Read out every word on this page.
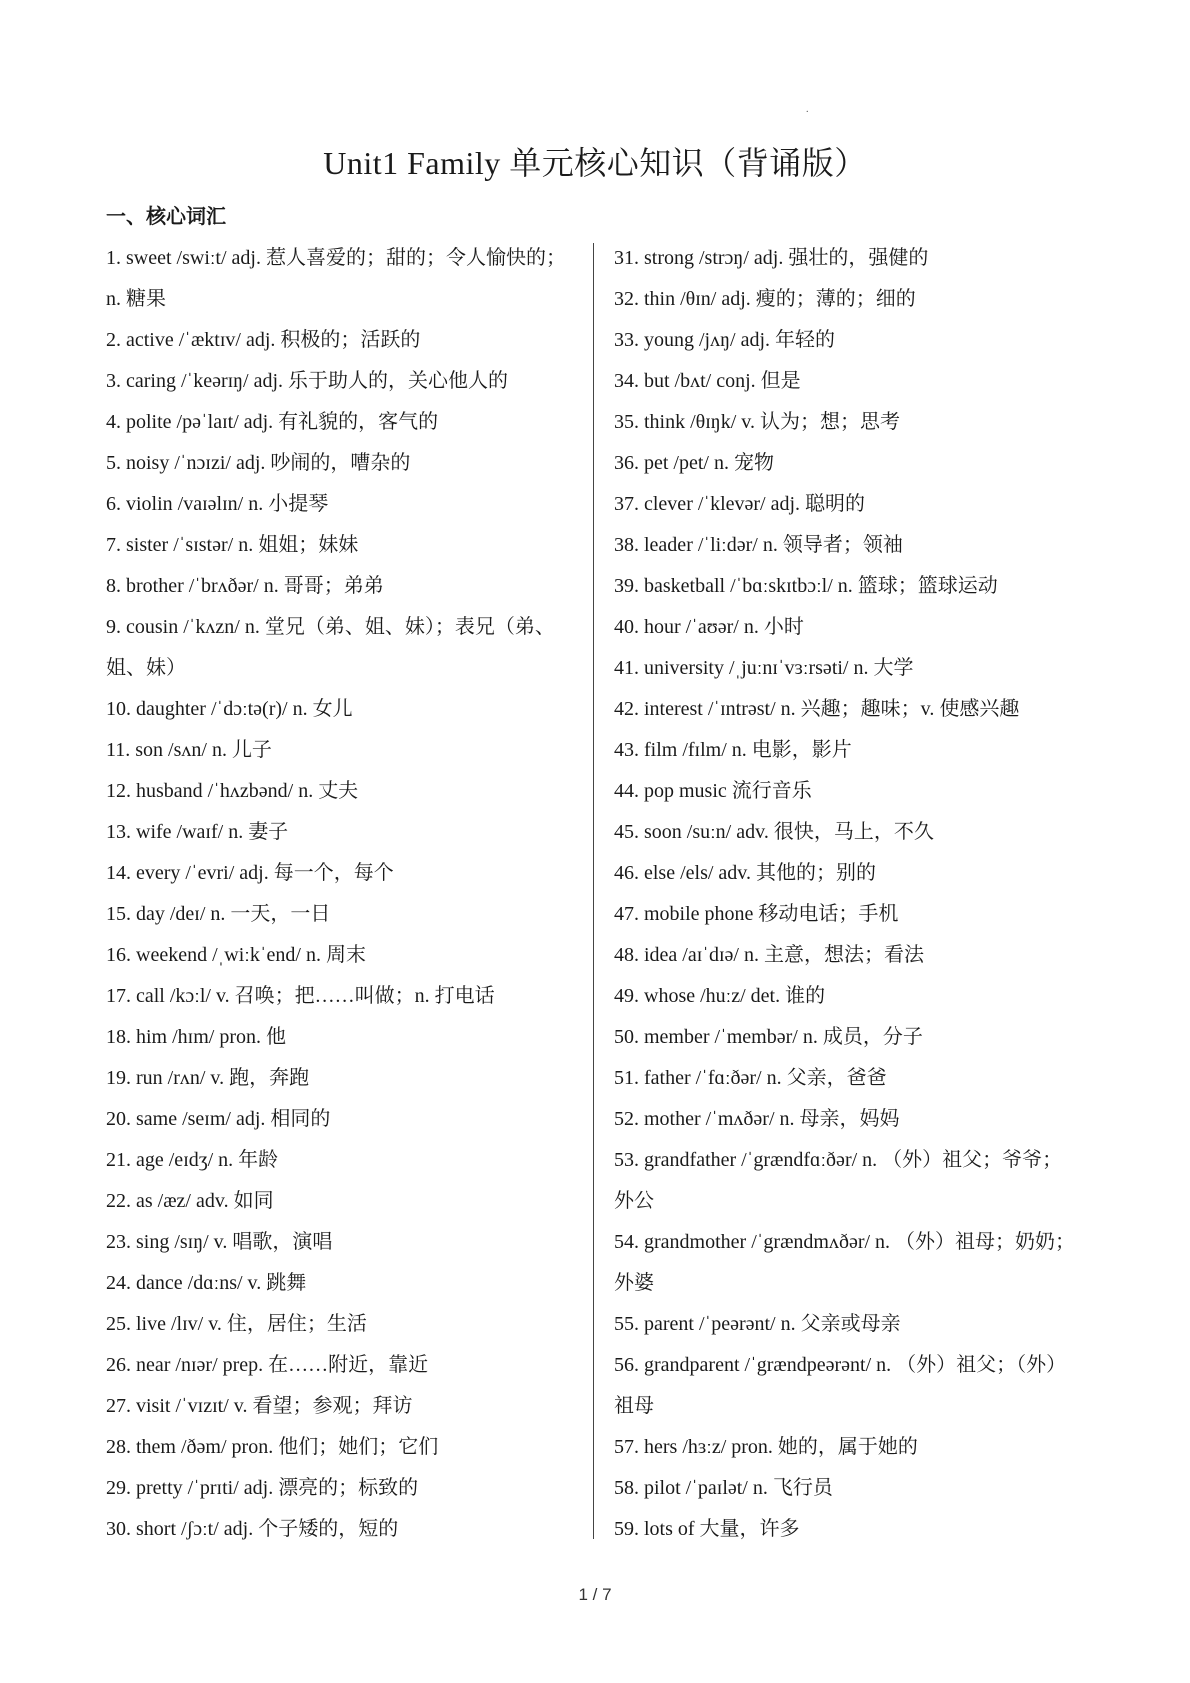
.
Unit1 Family 单元核心知识（背诵版）
一、核心词汇
1. sweet /swiːt/ adj. 惹人喜爱的；甜的；令人愉快的；
n. 糖果
2. active /ˈæktɪv/ adj. 积极的；活跃的
3. caring /ˈkeərɪŋ/ adj. 乐于助人的，关心他人的
4. polite /pəˈlaɪt/ adj. 有礼貌的，客气的
5. noisy /ˈnɔɪzi/ adj. 吵闹的，嘈杂的
6. violin /vaɪəlɪn/ n. 小提琴
7. sister /ˈsɪstər/ n. 姐姐；妹妹
8. brother /ˈbrʌðər/ n. 哥哥；弟弟
9. cousin /ˈkʌzn/ n. 堂兄（弟、姐、妹）；表兄（弟、
姐、妹）
10. daughter /ˈdɔːtə(r)/ n. 女儿
11. son /sʌn/ n. 儿子
12. husband /ˈhʌzbənd/ n. 丈夫
13. wife /waɪf/ n. 妻子
14. every /ˈevri/ adj. 每一个，每个
15. day /deɪ/ n. 一天，一日
16. weekend /ˌwiːkˈend/ n. 周末
17. call /kɔːl/ v. 召唤；把……叫做；n. 打电话
18. him /hɪm/ pron. 他
19. run /rʌn/ v. 跑，奔跑
20. same /seɪm/ adj. 相同的
21. age /eɪdʒ/ n. 年龄
22. as /æz/ adv. 如同
23. sing /sɪŋ/ v. 唱歌，演唱
24. dance /dɑːns/ v. 跳舞
25. live /lɪv/ v. 住，居住；生活
26. near /nɪər/ prep. 在……附近，靠近
27. visit /ˈvɪzɪt/ v. 看望；参观；拜访
28. them /ðəm/ pron. 他们；她们；它们
29. pretty /ˈprɪti/ adj. 漂亮的；标致的
30. short /ʃɔːt/ adj. 个子矮的，短的
31. strong /strɔŋ/ adj. 强壮的，强健的
32. thin /θɪn/ adj. 瘦的；薄的；细的
33. young /jʌŋ/ adj. 年轻的
34. but /bʌt/ conj. 但是
35. think /θɪŋk/ v. 认为；想；思考
36. pet /pet/ n. 宠物
37. clever /ˈklevər/ adj. 聪明的
38. leader /ˈliːdər/ n. 领导者；领袖
39. basketball /ˈbɑːskɪtbɔːl/ n. 篮球；篮球运动
40. hour /ˈaʊər/ n. 小时
41. university /ˌjuːnɪˈvɜːrsəti/ n. 大学
42. interest /ˈɪntrəst/ n. 兴趣；趣味；v. 使感兴趣
43. film /fɪlm/ n. 电影，影片
44. pop music 流行音乐
45. soon /suːn/ adv. 很快，马上，不久
46. else /els/ adv. 其他的；别的
47. mobile phone 移动电话；手机
48. idea /aɪˈdɪə/ n. 主意，想法；看法
49. whose /huːz/ det. 谁的
50. member /ˈmembər/ n. 成员，分子
51. father /ˈfɑːðər/ n. 父亲，爸爸
52. mother /ˈmʌðər/ n. 母亲，妈妈
53. grandfather /ˈgrændfɑːðər/ n. （外）祖父；爷爷；
外公
54. grandmother /ˈgrændmʌðər/ n. （外）祖母；奶奶；
外婆
55. parent /ˈpeərənt/ n. 父亲或母亲
56. grandparent /ˈgrændpeərənt/ n. （外）祖父；（外）
祖母
57. hers /hɜːz/ pron. 她的，属于她的
58. pilot /ˈpaɪlət/ n. 飞行员
59. lots of 大量，许多
1 / 7
